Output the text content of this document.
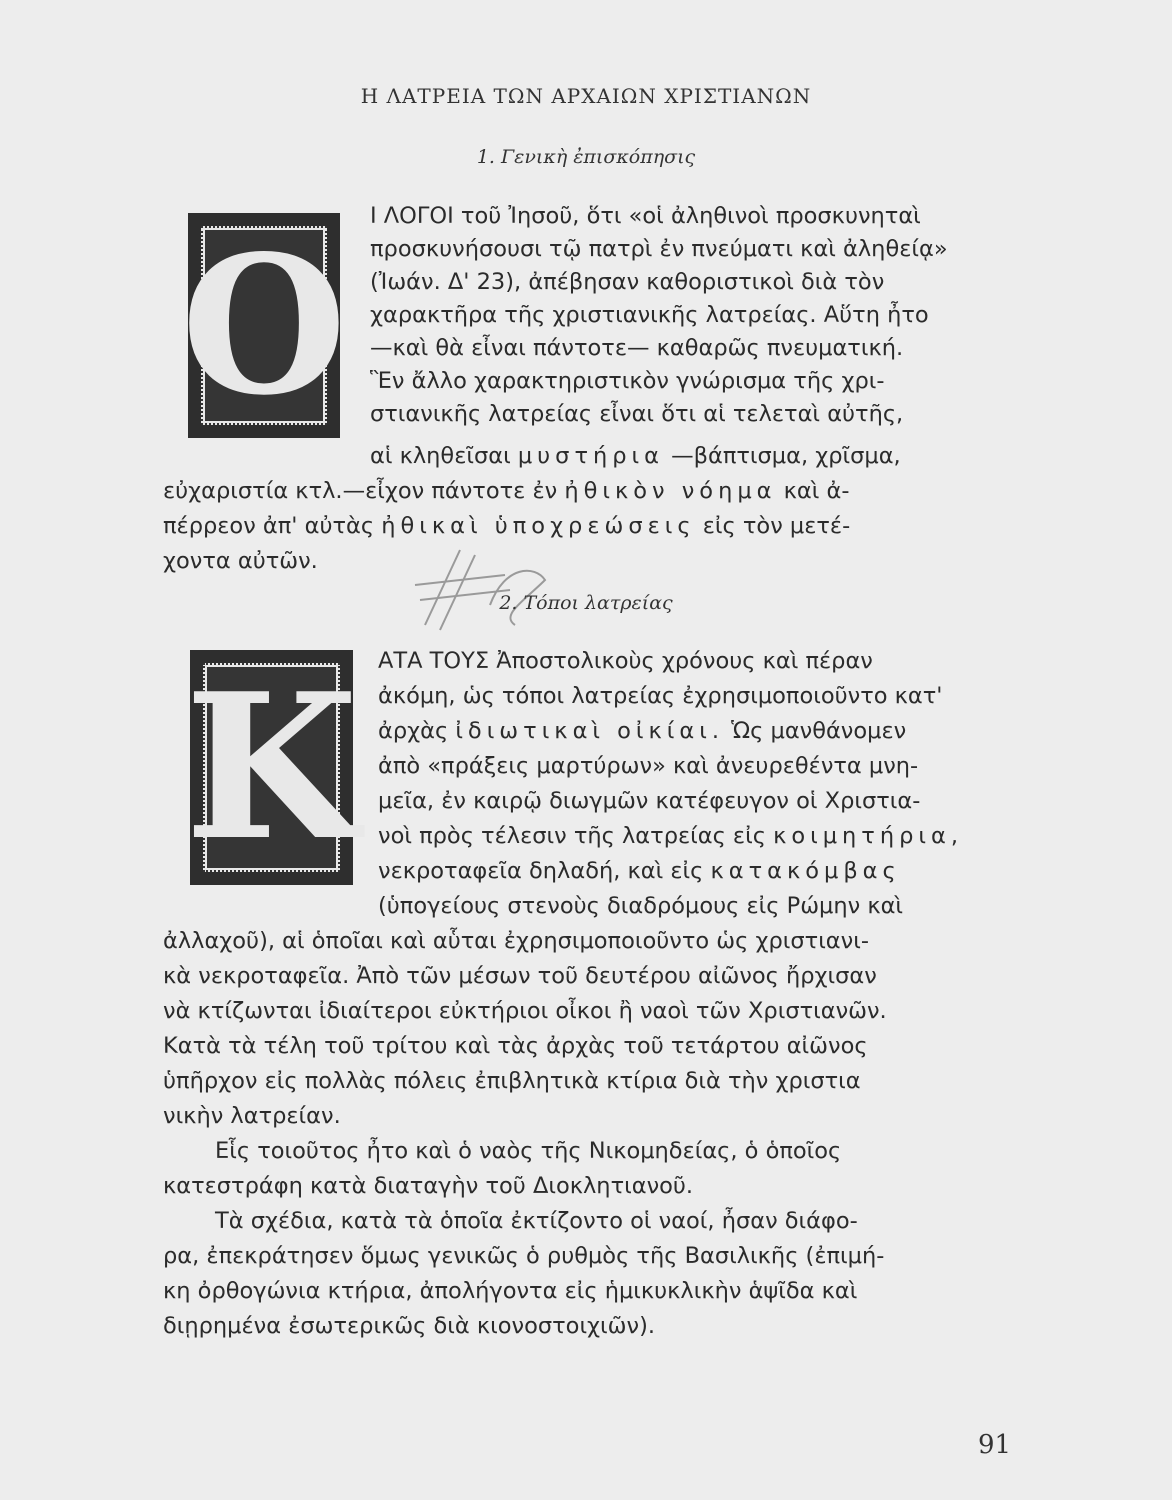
Η ΛΑΤΡΕΙΑ ΤΩΝ ΑΡΧΑΙΩΝ ΧΡΙΣΤΙΑΝΩΝ
1. Γενικὴ ἐπισκόπησις
Ο Ι ΛΟΓΟΙ τοῦ Ἰησοῦ, ὅτι «οἱ ἀληθινοὶ προσκυνηταὶ
προσκυνήσουσι τῷ πατρὶ ἐν πνεύματι καὶ ἀληθείᾳ»
(Ἰωάν. Δ' 23), ἀπέβησαν καθοριστικοὶ διὰ τὸν
χαρακτῆρα τῆς χριστιανικῆς λατρείας. Αὕτη ἦτο
—καὶ θὰ εἶναι πάντοτε— καθαρῶς πνευματική.
Ἓν ἄλλο χαρακτηριστικὸν γνώρισμα τῆς χρι-
στιανικῆς λατρείας εἶναι ὅτι αἱ τελεταὶ αὐτῆς,
αἱ κληθεῖσαι μυστήρια —βάπτισμα, χρῖσμα,
εὐχαριστία κτλ.—εἶχον πάντοτε ἐν ἠθικὸν νόημα καὶ ἀ-
πέρρεον ἀπ' αὐτὰς ἠθικαὶ ὑποχρεώσεις εἰς τὸν μετέ-
χοντα αὐτῶν.
2. Τόποι λατρείας
Κ ΑΤΑ ΤΟΥΣ Ἀποστολικοὺς χρόνους καὶ πέραν
ἀκόμη, ὡς τόποι λατρείας ἐχρησιμοποιοῦντο κατ'
ἀρχὰς ἰδιωτικαὶ οἰκίαι. Ὡς μανθάνομεν
ἀπὸ «πράξεις μαρτύρων» καὶ ἀνευρεθέντα μνη-
μεῖα, ἐν καιρῷ διωγμῶν κατέφευγον οἱ Χριστια-
νοὶ πρὸς τέλεσιν τῆς λατρείας εἰς κοιμητήρια,
νεκροταφεῖα δηλαδή, καὶ εἰς κατακόμβας
(ὑπογείους στενοὺς διαδρόμους εἰς Ρώμην καὶ
ἀλλαχοῦ), αἱ ὁποῖαι καὶ αὗται ἐχρησιμοποιοῦντο ὡς χριστιανι-
κὰ νεκροταφεῖα. Ἀπὸ τῶν μέσων τοῦ δευτέρου αἰῶνος ἤρχισαν
νὰ κτίζωνται ἰδιαίτεροι εὐκτήριοι οἶκοι ἢ ναοὶ τῶν Χριστιανῶν.
Κατὰ τὰ τέλη τοῦ τρίτου καὶ τὰς ἀρχὰς τοῦ τετάρτου αἰῶνος
ὑπῆρχον εἰς πολλὰς πόλεις ἐπιβλητικὰ κτίρια διὰ τὴν χριστια
νικὴν λατρείαν.
Εἷς τοιοῦτος ἦτο καὶ ὁ ναὸς τῆς Νικομηδείας, ὁ ὁποῖος
κατεστράφη κατὰ διαταγὴν τοῦ Διοκλητιανοῦ.
Τὰ σχέδια, κατὰ τὰ ὁποῖα ἐκτίζοντο οἱ ναοί, ἦσαν διάφο-
ρα, ἐπεκράτησεν ὅμως γενικῶς ὁ ρυθμὸς τῆς Βασιλικῆς (ἐπιμή-
κη ὀρθογώνια κτήρια, ἀπολήγοντα εἰς ἡμικυκλικὴν ἁψῖδα καὶ
διῃρημένα ἐσωτερικῶς διὰ κιονοστοιχιῶν).
91
